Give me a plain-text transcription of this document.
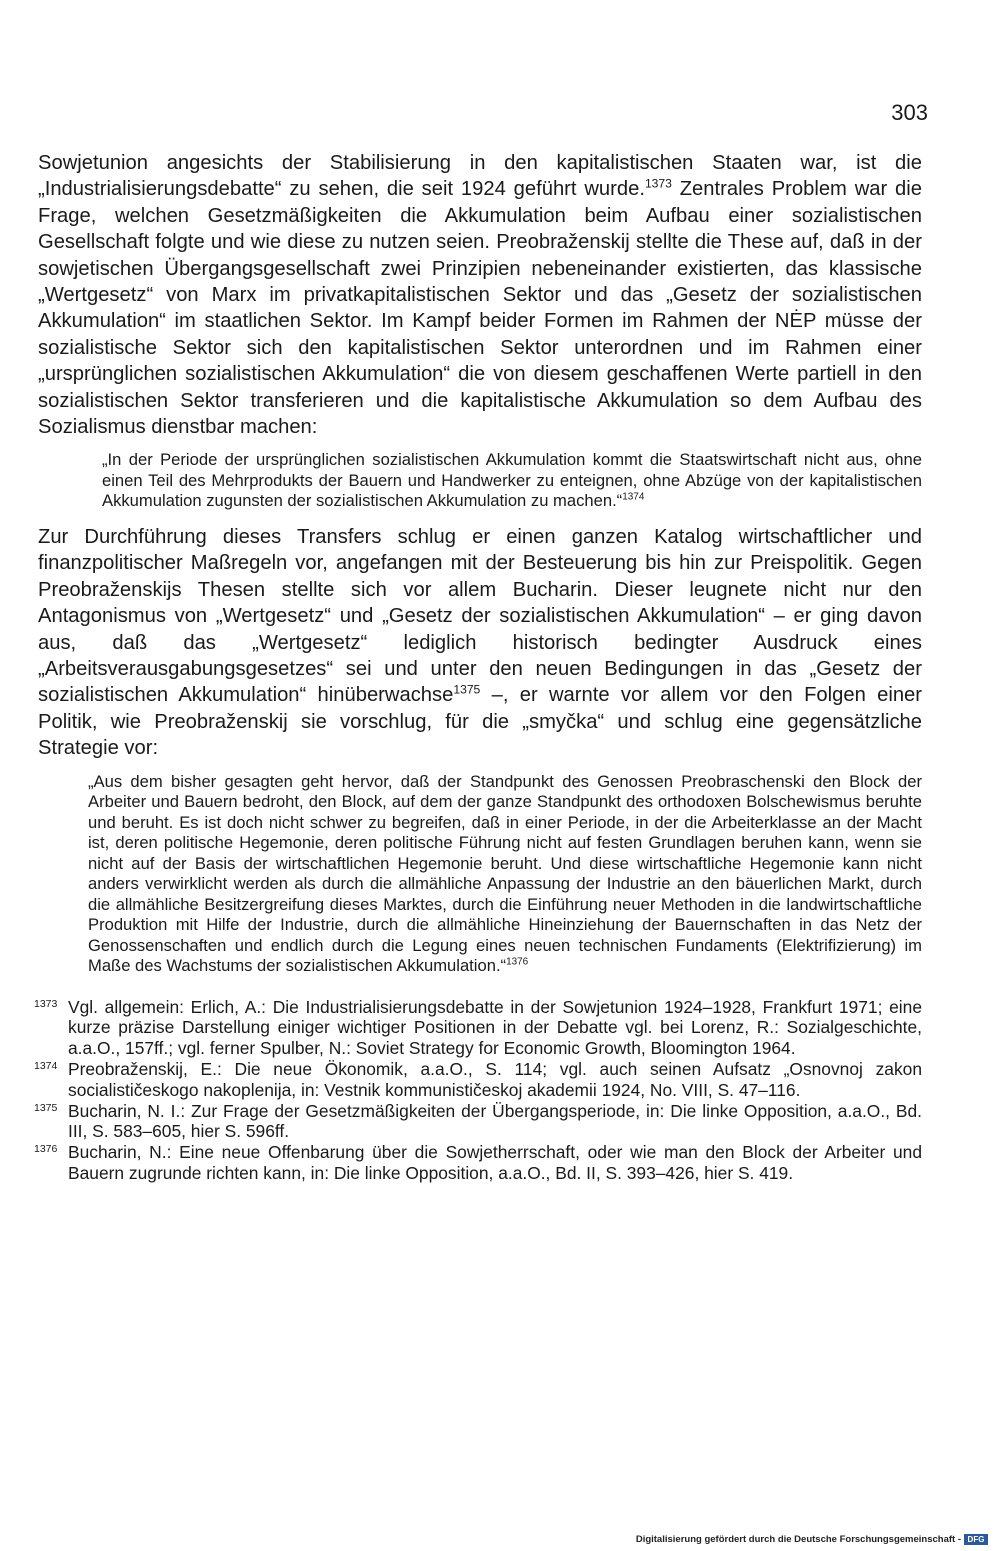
303

Sowjetunion angesichts der Stabilisierung in den kapitalistischen Staaten war, ist die „Industrialisierungsdebatte“ zu sehen, die seit 1924 geführt wurde.$^{1373}$ Zentrales Problem war die Frage, welchen Gesetzmäßigkeiten die Akkumulation beim Aufbau einer sozialistischen Gesellschaft folgte und wie diese zu nutzen seien. Preobraženskij stellte die These auf, daß in der sowjetischen Übergangsgesellschaft zwei Prinzipien nebeneinander existierten, das klassische „Wertgesetz“ von Marx im privatkapitalistischen Sektor und das „Gesetz der sozialistischen Akkumulation“ im staatlichen Sektor. Im Kampf beider Formen im Rahmen der NĖP müsse der sozialistische Sektor sich den kapitalistischen Sektor unterordnen und im Rahmen einer „ursprünglichen sozialistischen Akkumulation“ die von diesem geschaffenen Werte partiell in den sozialistischen Sektor transferieren und die kapitalistische Akkumulation so dem Aufbau des Sozialismus dienstbar machen:

„In der Periode der ursprünglichen sozialistischen Akkumulation kommt die Staatswirtschaft nicht aus, ohne einen Teil des Mehrprodukts der Bauern und Handwerker zu enteignen, ohne Abzüge von der kapitalistischen Akkumulation zugunsten der sozialistischen Akkumulation zu machen.“$^{1374}$

Zur Durchführung dieses Transfers schlug er einen ganzen Katalog wirtschaftlicher und finanzpolitischer Maßregeln vor, angefangen mit der Besteuerung bis hin zur Preispolitik. Gegen Preobraženskijs Thesen stellte sich vor allem Bucharin. Dieser leugnete nicht nur den Antagonismus von „Wertgesetz“ und „Gesetz der sozialistischen Akkumulation“ – er ging davon aus, daß das „Wertgesetz“ lediglich historisch bedingter Ausdruck eines „Arbeitsverausgabungsgesetzes“ sei und unter den neuen Bedingungen in das „Gesetz der sozialistischen Akkumulation“ hinüberwachse$^{1375}$ –, er warnte vor allem vor den Folgen einer Politik, wie Preobraženskij sie vorschlug, für die „smyčka“ und schlug eine gegensätzliche Strategie vor:

„Aus dem bisher gesagten geht hervor, daß der Standpunkt des Genossen Preobraschenski den Block der Arbeiter und Bauern bedroht, den Block, auf dem der ganze Standpunkt des orthodoxen Bolschewismus beruhte und beruht. Es ist doch nicht schwer zu begreifen, daß in einer Periode, in der die Arbeiterklasse an der Macht ist, deren politische Hegemonie, deren politische Führung nicht auf festen Grundlagen beruhen kann, wenn sie nicht auf der Basis der wirtschaftlichen Hegemonie beruht. Und diese wirtschaftliche Hegemonie kann nicht anders verwirklicht werden als durch die allmähliche Anpassung der Industrie an den bäuerlichen Markt, durch die allmähliche Besitzergreifung dieses Marktes, durch die Einführung neuer Methoden in die landwirtschaftliche Produktion mit Hilfe der Industrie, durch die allmähliche Hineinziehung der Bauernschaften in das Netz der Genossenschaften und endlich durch die Legung eines neuen technischen Fundaments (Elektrifizierung) im Maße des Wachstums der sozialistischen Akkumulation.“$^{1376}$

1373 Vgl. allgemein: Erlich, A.: Die Industrialisierungsdebatte in der Sowjetunion 1924–1928, Frankfurt 1971; eine kurze präzise Darstellung einiger wichtiger Positionen in der Debatte vgl. bei Lorenz, R.: Sozialgeschichte, a.a.O., 157ff.; vgl. ferner Spulber, N.: Soviet Strategy for Economic Growth, Bloomington 1964.
1374 Preobraženskij, E.: Die neue Ökonomik, a.a.O., S. 114; vgl. auch seinen Aufsatz „Osnovnoj zakon socialističeskogo nakoplenija, in: Vestnik kommunističeskoj akademii 1924, No. VIII, S. 47–116.
1375 Bucharin, N. I.: Zur Frage der Gesetzmäßigkeiten der Übergangsperiode, in: Die linke Opposition, a.a.O., Bd. III, S. 583–605, hier S. 596ff.
1376 Bucharin, N.: Eine neue Offenbarung über die Sowjetherrschaft, oder wie man den Block der Arbeiter und Bauern zugrunde richten kann, in: Die linke Opposition, a.a.O., Bd. II, S. 393–426, hier S. 419.
Digitalisierung gefördert durch die Deutsche Forschungsgemeinschaft - DFG
